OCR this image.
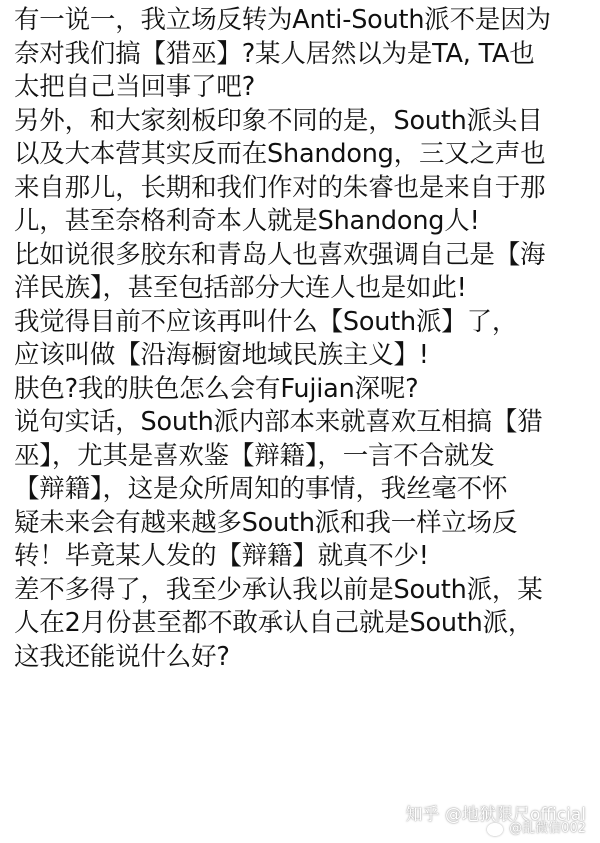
有一说一，我立场反转为Anti-South派不是因为
奈对我们搞【猎巫】?某人居然以为是TA, TA也
太把自己当回事了吧?
另外，和大家刻板印象不同的是，South派头目
以及大本营其实反而在Shandong，三又之声也
来自那儿，长期和我们作对的朱睿也是来自于那
儿，甚至奈格利奇本人就是Shandong人!
比如说很多胶东和青岛人也喜欢强调自己是【海
洋民族】，甚至包括部分大连人也是如此!
我觉得目前不应该再叫什么【South派】了，
应该叫做【沿海橱窗地域民族主义】!
肤色?我的肤色怎么会有Fujian深呢?
说句实话，South派内部本来就喜欢互相搞【猎
巫】，尤其是喜欢鉴【辩籍】，一言不合就发
【辩籍】，这是众所周知的事情，我丝毫不怀
疑未来会有越来越多South派和我一样立场反
转！毕竟某人发的【辩籍】就真不少!
差不多得了，我至少承认我以前是South派，某
人在2月份甚至都不敢承认自己就是South派，
这我还能说什么好?
知乎 @地狱限尺official
@乱微信002
